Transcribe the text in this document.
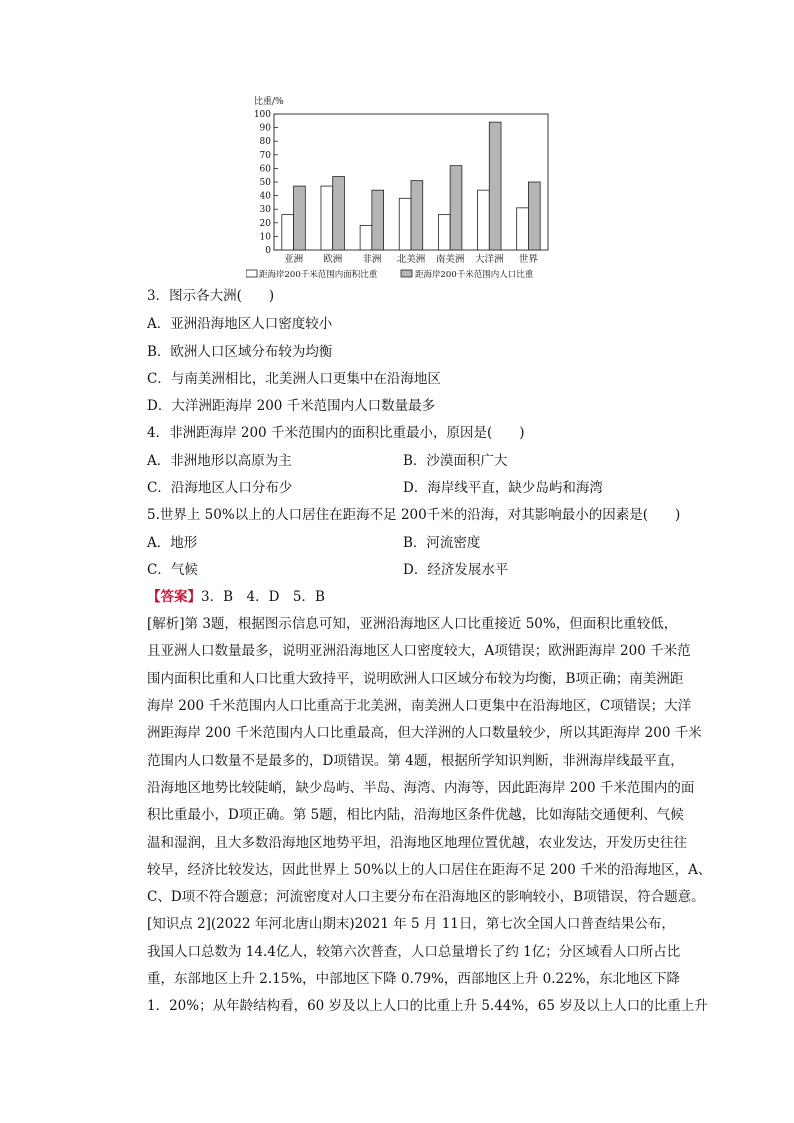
比重/%
0
10
20
30
40
50
60
70
80
90
100
亚洲 欧洲 非洲 北美洲 南美洲 大洋洲 世界
距海岸200千米范围内面积比重	距海岸200千米范围内人口比重
3．图示各大洲(　　)
A．亚洲沿海地区人口密度较小
B．欧洲人口区域分布较为均衡
C．与南美洲相比，北美洲人口更集中在沿海地区
D．大洋洲距海岸 200 千米范围内人口数量最多
4．非洲距海岸 200 千米范围内的面积比重最小，原因是(　　)
A．非洲地形以高原为主	B．沙漠面积广大
C．沿海地区人口分布少	D．海岸线平直，缺少岛屿和海湾
5.世界上 50%以上的人口居住在距海不足 200千米的沿海，对其影响最小的因素是(　　)
A．地形	B．河流密度
C．气候	D．经济发展水平
【答案】3．B　4．D　5．B
[解析]第 3题，根据图示信息可知，亚洲沿海地区人口比重接近 50%，但面积比重较低，
且亚洲人口数量最多，说明亚洲沿海地区人口密度较大，A项错误；欧洲距海岸 200 千米范
围内面积比重和人口比重大致持平，说明欧洲人口区域分布较为均衡，B项正确；南美洲距
海岸 200 千米范围内人口比重高于北美洲，南美洲人口更集中在沿海地区，C项错误；大洋
洲距海岸 200 千米范围内人口比重最高，但大洋洲的人口数量较少，所以其距海岸 200 千米
范围内人口数量不是最多的，D项错误。第 4题，根据所学知识判断，非洲海岸线最平直，
沿海地区地势比较陡峭，缺少岛屿、半岛、海湾、内海等，因此距海岸 200 千米范围内的面
积比重最小，D项正确。第 5题，相比内陆，沿海地区条件优越，比如海陆交通便利、气候
温和湿润，且大多数沿海地区地势平坦，沿海地区地理位置优越，农业发达，开发历史往往
较早，经济比较发达，因此世界上 50%以上的人口居住在距海不足 200 千米的沿海地区，A、
C、D项不符合题意；河流密度对人口主要分布在沿海地区的影响较小，B项错误，符合题意。
[知识点 2](2022 年河北唐山期末)2021 年 5 月 11日，第七次全国人口普查结果公布，
我国人口总数为 14.4亿人，较第六次普查，人口总量增长了约 1亿；分区域看人口所占比
重，东部地区上升 2.15%，中部地区下降 0.79%，西部地区上升 0.22%，东北地区下降
1．20%；从年龄结构看，60 岁及以上人口的比重上升 5.44%，65 岁及以上人口的比重上升
